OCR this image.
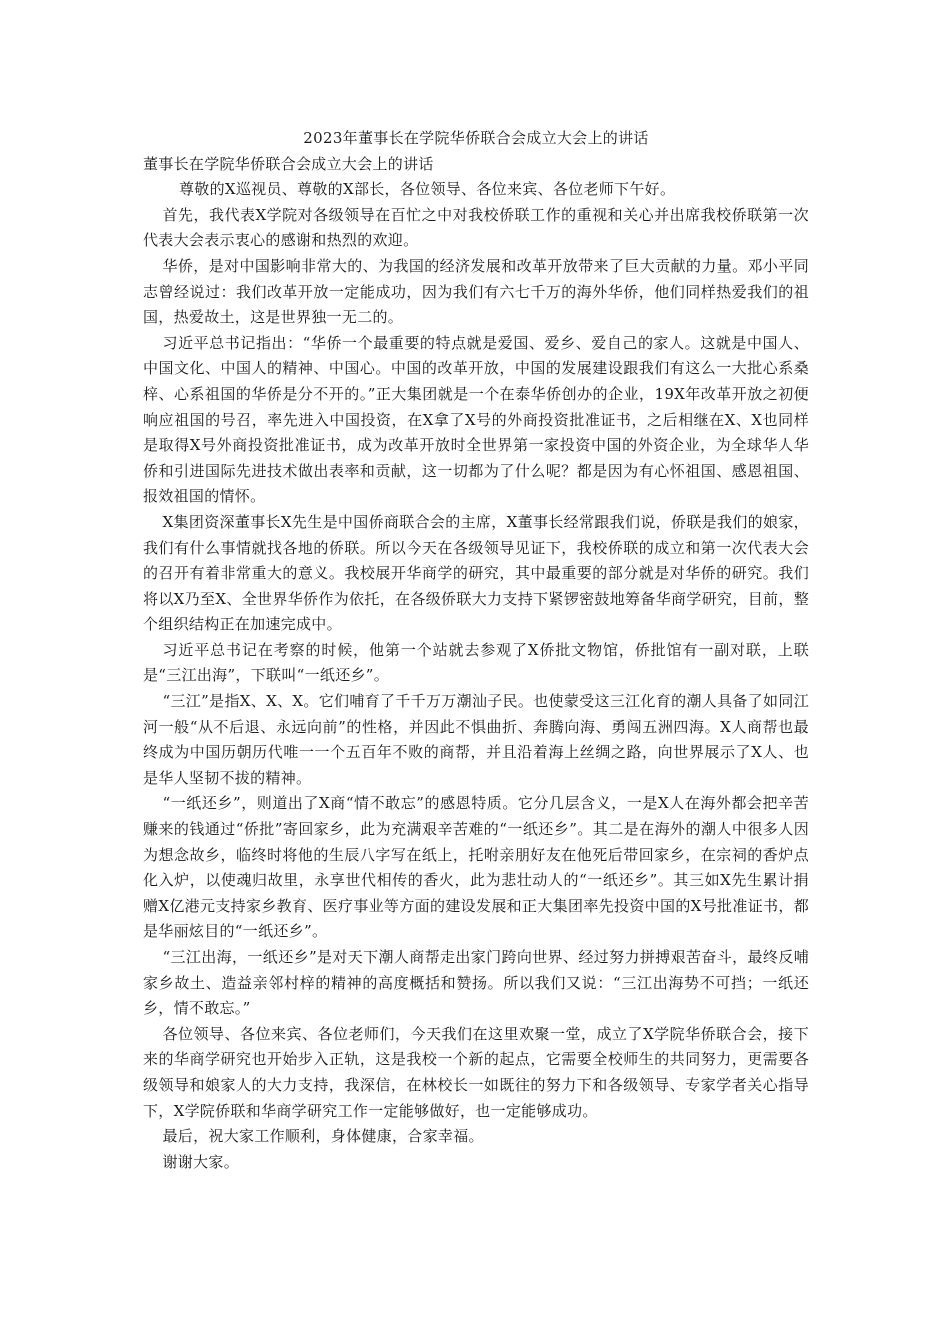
2023年董事长在学院华侨联合会成立大会上的讲话

董事长在学院华侨联合会成立大会上的讲话

尊敬的X巡视员、尊敬的X部长，各位领导、各位来宾、各位老师下午好。

首先，我代表X学院对各级领导在百忙之中对我校侨联工作的重视和关心并出席我校侨联第一次代表大会表示衷心的感谢和热烈的欢迎。

华侨，是对中国影响非常大的、为我国的经济发展和改革开放带来了巨大贡献的力量。邓小平同志曾经说过：我们改革开放一定能成功，因为我们有六七千万的海外华侨，他们同样热爱我们的祖国，热爱故土，这是世界独一无二的。

习近平总书记指出：“华侨一个最重要的特点就是爱国、爱乡、爱自己的家人。这就是中国人、中国文化、中国人的精神、中国心。中国的改革开放，中国的发展建设跟我们有这么一大批心系桑梓、心系祖国的华侨是分不开的。”正大集团就是一个在泰华侨创办的企业，19X年改革开放之初便响应祖国的号召，率先进入中国投资，在X拿了X号的外商投资批准证书，之后相继在X、X也同样是取得X号外商投资批准证书，成为改革开放时全世界第一家投资中国的外资企业，为全球华人华侨和引进国际先进技术做出表率和贡献，这一切都为了什么呢？都是因为有心怀祖国、感恩祖国、报效祖国的情怀。

X集团资深董事长X先生是中国侨商联合会的主席，X董事长经常跟我们说，侨联是我们的娘家，我们有什么事情就找各地的侨联。所以今天在各级领导见证下，我校侨联的成立和第一次代表大会的召开有着非常重大的意义。我校展开华商学的研究，其中最重要的部分就是对华侨的研究。我们将以X乃至X、全世界华侨作为依托，在各级侨联大力支持下紧锣密鼓地筹备华商学研究，目前，整个组织结构正在加速完成中。

习近平总书记在考察的时候，他第一个站就去参观了X侨批文物馆，侨批馆有一副对联，上联是“三江出海”，下联叫“一纸还乡”。

“三江”是指X、X、X。它们哺育了千千万万潮汕子民。也使蒙受这三江化育的潮人具备了如同江河一般“从不后退、永远向前”的性格，并因此不惧曲折、奔腾向海、勇闯五洲四海。X人商帮也最终成为中国历朝历代唯一一个五百年不败的商帮，并且沿着海上丝绸之路，向世界展示了X人、也是华人坚韧不拔的精神。

“一纸还乡”，则道出了X商“情不敢忘”的感恩特质。它分几层含义，一是X人在海外都会把辛苦赚来的钱通过“侨批”寄回家乡，此为充满艰辛苦难的“一纸还乡”。其二是在海外的潮人中很多人因为想念故乡，临终时将他的生辰八字写在纸上，托咐亲朋好友在他死后带回家乡，在宗祠的香炉点化入炉，以使魂归故里，永享世代相传的香火，此为悲壮动人的“一纸还乡”。其三如X先生累计捐赠X亿港元支持家乡教育、医疗事业等方面的建设发展和正大集团率先投资中国的X号批准证书，都是华丽炫目的“一纸还乡”。

“三江出海，一纸还乡”是对天下潮人商帮走出家门跨向世界、经过努力拼搏艰苦奋斗，最终反哺家乡故土、造益亲邻村梓的精神的高度概括和赞扬。所以我们又说：“三江出海势不可挡；一纸还乡，情不敢忘。”

各位领导、各位来宾、各位老师们，今天我们在这里欢聚一堂，成立了X学院华侨联合会，接下来的华商学研究也开始步入正轨，这是我校一个新的起点，它需要全校师生的共同努力，更需要各级领导和娘家人的大力支持，我深信，在林校长一如既往的努力下和各级领导、专家学者关心指导下，X学院侨联和华商学研究工作一定能够做好，也一定能够成功。

最后，祝大家工作顺利，身体健康，合家幸福。

谢谢大家。
